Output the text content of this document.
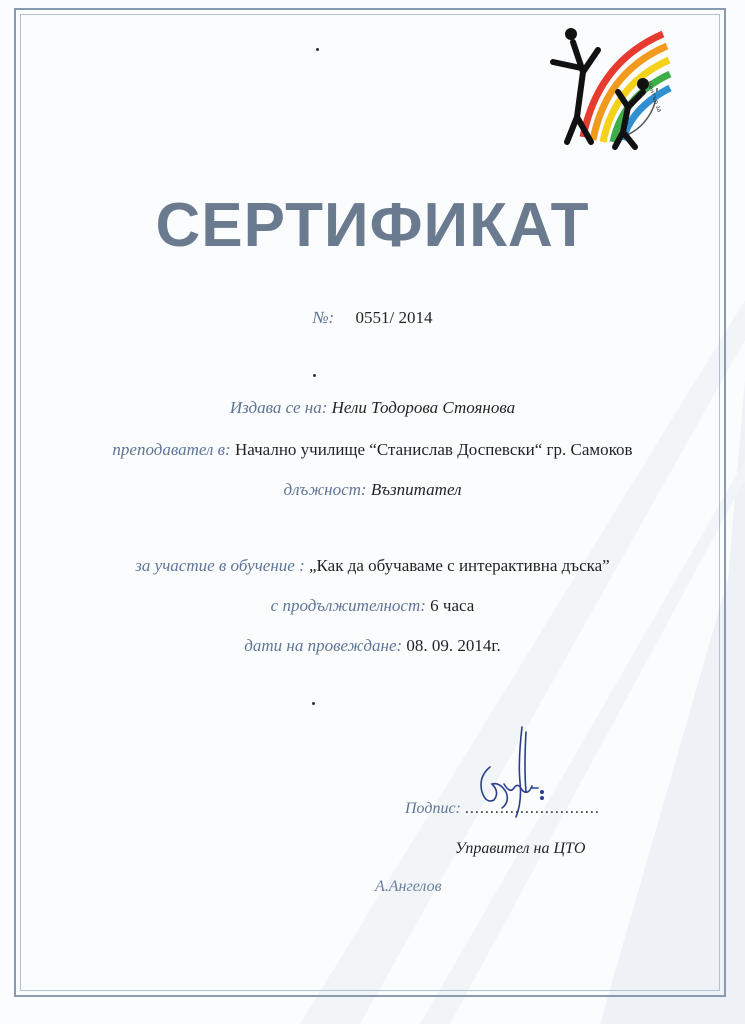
Център за
СЕРТИФИКАТ
№: 0551/ 2014
Издава се на: Нели Тодорова Стоянова
преподавател в: Начално училище “Станислав Доспевски“ гр. Самоков
длъжност: Възпитател
за участие в обучение : „Как да обучаваме с интерактивна дъска”
с продължителност: 6 часа
дати на провеждане: 08. 09. 2014г.
Подпис: ...........................
Управител на ЦТО
А.Ангелов
